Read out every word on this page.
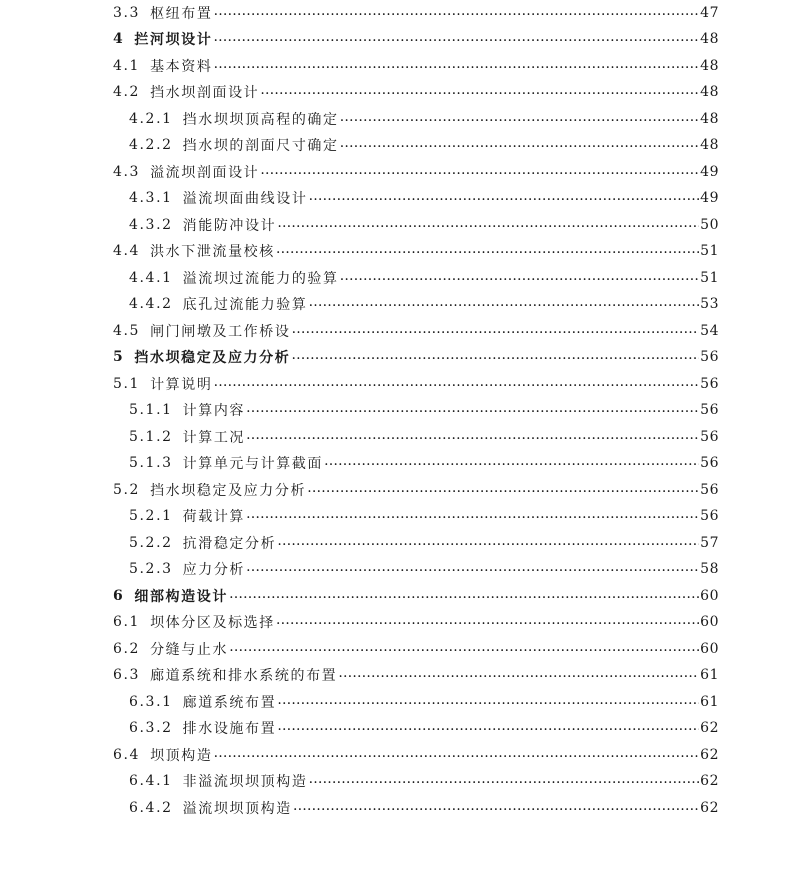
3.3 枢纽布置 ……………………………………………………………………………………………………………………………………………………………………………………………………	47
4 拦河坝设计 ……………………………………………………………………………………………………………………………………………………………………………………………………	48
4.1 基本资料 ……………………………………………………………………………………………………………………………………………………………………………………………………	48
4.2 挡水坝剖面设计 ……………………………………………………………………………………………………………………………………………………………………………………………………	48
4.2.1 挡水坝坝顶高程的确定 ……………………………………………………………………………………………………………………………………………………………………………………………………	48
4.2.2 挡水坝的剖面尺寸确定 ……………………………………………………………………………………………………………………………………………………………………………………………………	48
4.3 溢流坝剖面设计 ……………………………………………………………………………………………………………………………………………………………………………………………………	49
4.3.1 溢流坝面曲线设计 ……………………………………………………………………………………………………………………………………………………………………………………………………	49
4.3.2 消能防冲设计 ……………………………………………………………………………………………………………………………………………………………………………………………………	50
4.4 洪水下泄流量校核 ……………………………………………………………………………………………………………………………………………………………………………………………………	51
4.4.1 溢流坝过流能力的验算 ……………………………………………………………………………………………………………………………………………………………………………………………………	51
4.4.2 底孔过流能力验算 ……………………………………………………………………………………………………………………………………………………………………………………………………	53
4.5 闸门闸墩及工作桥设 ……………………………………………………………………………………………………………………………………………………………………………………………………	54
5 挡水坝稳定及应力分析 ……………………………………………………………………………………………………………………………………………………………………………………………………	56
5.1 计算说明 ……………………………………………………………………………………………………………………………………………………………………………………………………	56
5.1.1 计算内容 ……………………………………………………………………………………………………………………………………………………………………………………………………	56
5.1.2 计算工况 ……………………………………………………………………………………………………………………………………………………………………………………………………	56
5.1.3 计算单元与计算截面 ……………………………………………………………………………………………………………………………………………………………………………………………………	56
5.2 挡水坝稳定及应力分析 ……………………………………………………………………………………………………………………………………………………………………………………………………	56
5.2.1 荷载计算 ……………………………………………………………………………………………………………………………………………………………………………………………………	56
5.2.2 抗滑稳定分析 ……………………………………………………………………………………………………………………………………………………………………………………………………	57
5.2.3 应力分析 ……………………………………………………………………………………………………………………………………………………………………………………………………	58
6 细部构造设计 ……………………………………………………………………………………………………………………………………………………………………………………………………	60
6.1 坝体分区及标选择 ……………………………………………………………………………………………………………………………………………………………………………………………………	60
6.2 分缝与止水 ……………………………………………………………………………………………………………………………………………………………………………………………………	60
6.3 廊道系统和排水系统的布置 ……………………………………………………………………………………………………………………………………………………………………………………………………	61
6.3.1 廊道系统布置 ……………………………………………………………………………………………………………………………………………………………………………………………………	61
6.3.2 排水设施布置 ……………………………………………………………………………………………………………………………………………………………………………………………………	62
6.4 坝顶构造 ……………………………………………………………………………………………………………………………………………………………………………………………………	62
6.4.1 非溢流坝坝顶构造 ……………………………………………………………………………………………………………………………………………………………………………………………………	62
6.4.2 溢流坝坝顶构造 ……………………………………………………………………………………………………………………………………………………………………………………………………	62
